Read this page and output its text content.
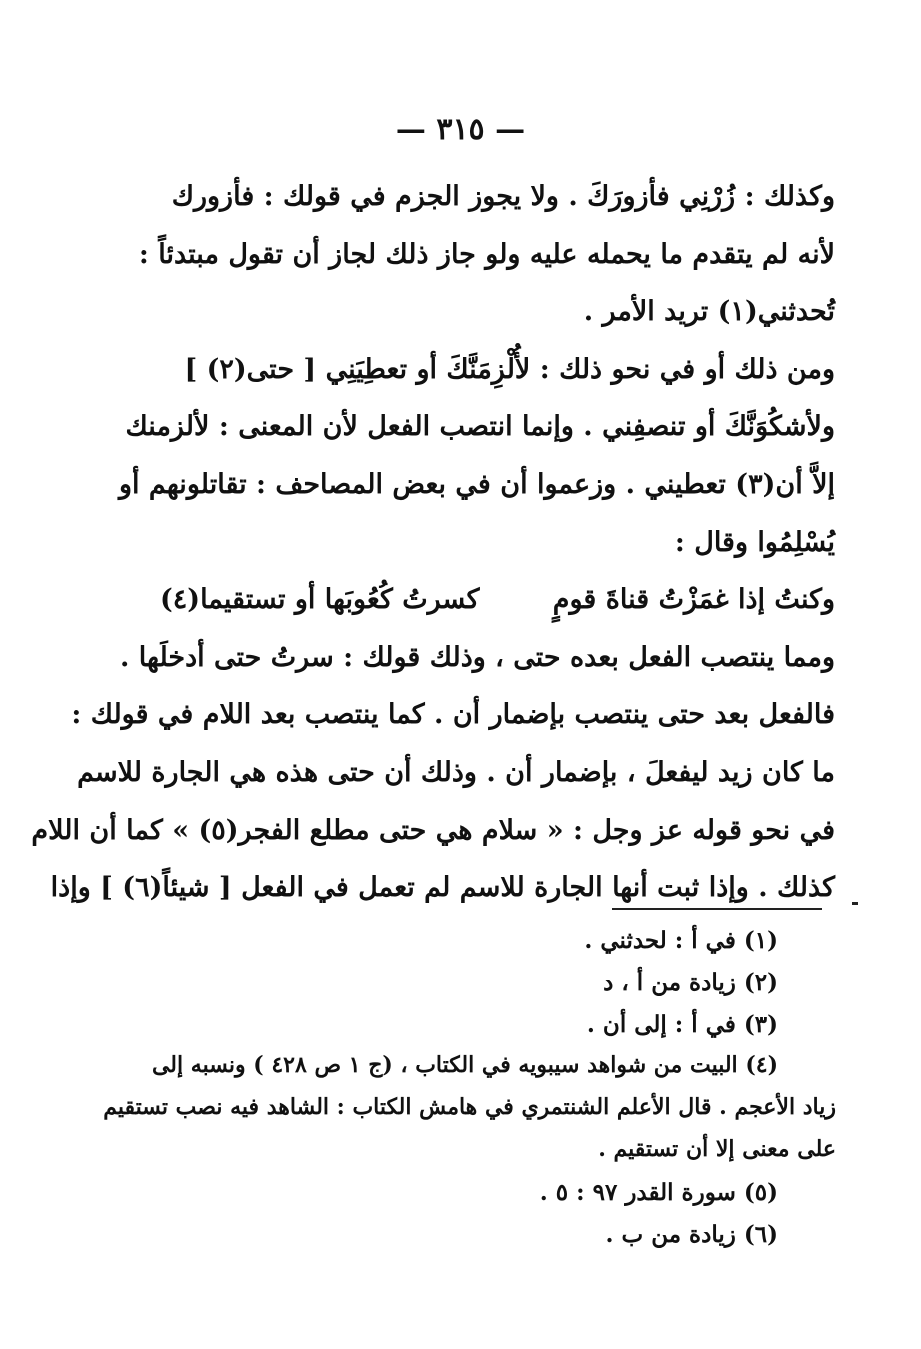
— ٣١٥ —
وكذلك : زُرْنِي فأزورَكَ . ولا يجوز الجزم في قولك : فأزورك
لأنه لم يتقدم ما يحمله عليه ولو جاز ذلك لجاز أن تقول مبتدئاً :
تُحدثني(١) تريد الأمر .
ومن ذلك أو في نحو ذلك : لأُلْزِمَنَّكَ أو تعطِيَنِي [ حتى(٢) ]
ولأشكُوَنَّكَ أو تنصفِني . وإنما انتصب الفعل لأن المعنى : لألزمنك
إلاَّ أن(٣) تعطيني . وزعموا أن في بعض المصاحف : تقاتلونهم أو
يُسْلِمُوا وقال :
وكنتُ إذا غمَزْتُ قناةَ قومٍ
كسرتُ كُعُوبَها أو تستقيما(٤)
ومما ينتصب الفعل بعده حتى ، وذلك قولك : سرتُ حتى أدخلَها .
فالفعل بعد حتى ينتصب بإضمار أن . كما ينتصب بعد اللام في قولك :
ما كان زيد ليفعلَ ، بإضمار أن . وذلك أن حتى هذه هي الجارة للاسم
في نحو قوله عز وجل : « سلام هي حتى مطلع الفجر(٥) » كما أن اللام
كذلك . وإذا ثبت أنها الجارة للاسم لم تعمل في الفعل [ شيئاً(٦) ] وإذا
(١) في أ : لحدثني .
(٢) زيادة من أ ، د
(٣) في أ : إلى أن .
(٤) البيت من شواهد سيبويه في الكتاب ، (ج ١ ص ٤٢٨ ) ونسبه إلى
زياد الأعجم . قال الأعلم الشنتمري في هامش الكتاب : الشاهد فيه نصب تستقيم
على معنى إلا أن تستقيم .
(٥) سورة القدر ٩٧ : ٥ .
(٦) زيادة من ب .
